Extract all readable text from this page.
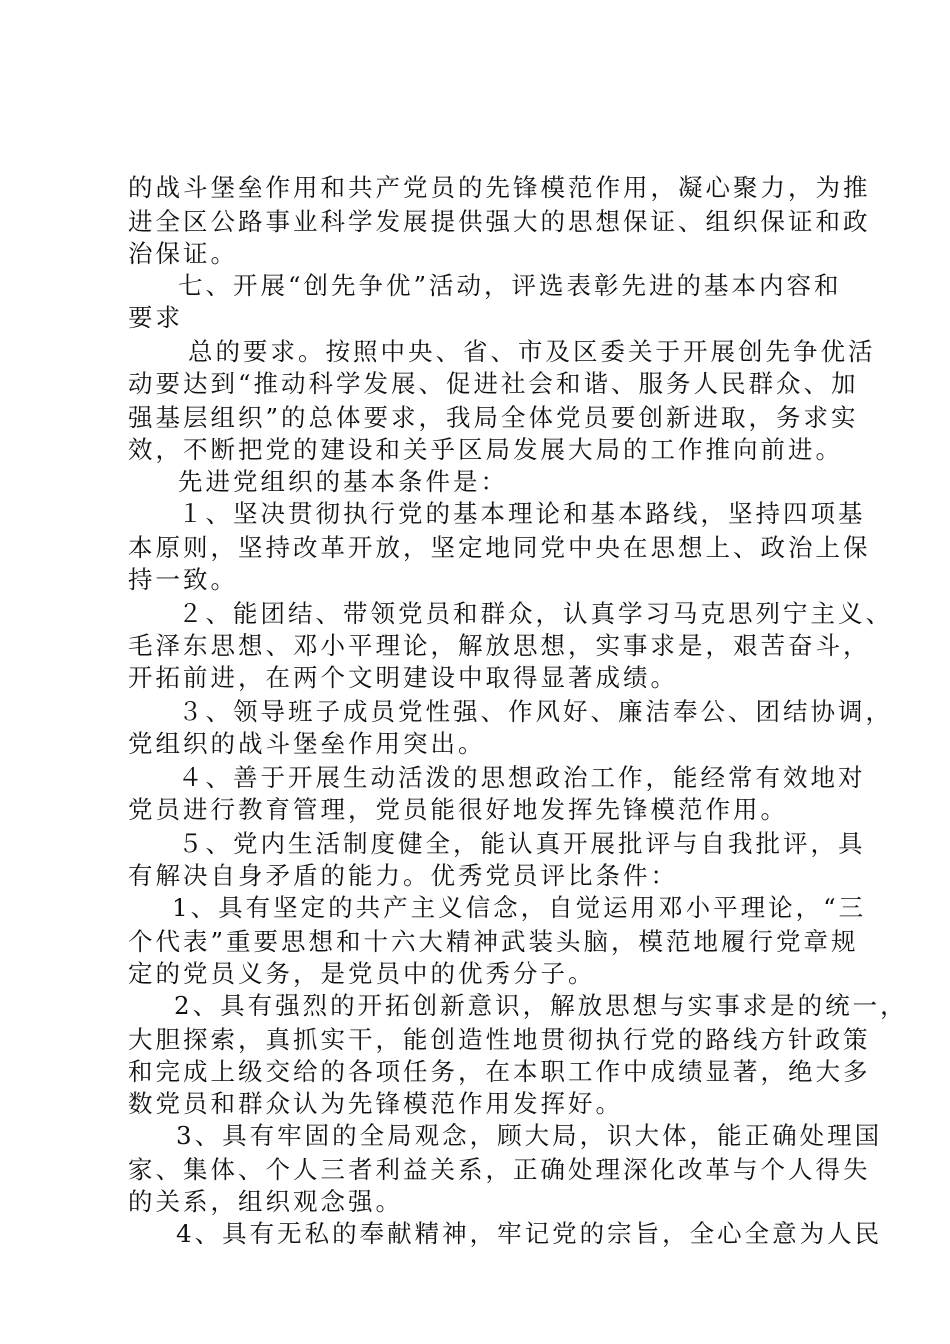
的战斗堡垒作用和共产党员的先锋模范作用，凝心聚力，为推
进全区公路事业科学发展提供强大的思想保证、组织保证和政
治保证。
七、开展“创先争优”活动，评选表彰先进的基本内容和
要求
总的要求。按照中央、省、市及区委关于开展创先争优活
动要达到“推动科学发展、促进社会和谐、服务人民群众、加
强基层组织”的总体要求，我局全体党员要创新进取，务求实
效，不断把党的建设和关乎区局发展大局的工作推向前进。
先进党组织的基本条件是：
１、坚决贯彻执行党的基本理论和基本路线，坚持四项基
本原则，坚持改革开放，坚定地同党中央在思想上、政治上保
持一致。
２、能团结、带领党员和群众，认真学习马克思列宁主义、
毛泽东思想、邓小平理论，解放思想，实事求是，艰苦奋斗，
开拓前进，在两个文明建设中取得显著成绩。
３、领导班子成员党性强、作风好、廉洁奉公、团结协调，
党组织的战斗堡垒作用突出。
４、善于开展生动活泼的思想政治工作，能经常有效地对
党员进行教育管理，党员能很好地发挥先锋模范作用。
５、党内生活制度健全，能认真开展批评与自我批评，具
有解决自身矛盾的能力。优秀党员评比条件：
1、具有坚定的共产主义信念，自觉运用邓小平理论，“三
个代表”重要思想和十六大精神武装头脑，模范地履行党章规
定的党员义务，是党员中的优秀分子。
2、具有强烈的开拓创新意识，解放思想与实事求是的统一，
大胆探索，真抓实干，能创造性地贯彻执行党的路线方针政策
和完成上级交给的各项任务，在本职工作中成绩显著，绝大多
数党员和群众认为先锋模范作用发挥好。
3、具有牢固的全局观念，顾大局，识大体，能正确处理国
家、集体、个人三者利益关系，正确处理深化改革与个人得失
的关系，组织观念强。
4、具有无私的奉献精神，牢记党的宗旨，全心全意为人民
